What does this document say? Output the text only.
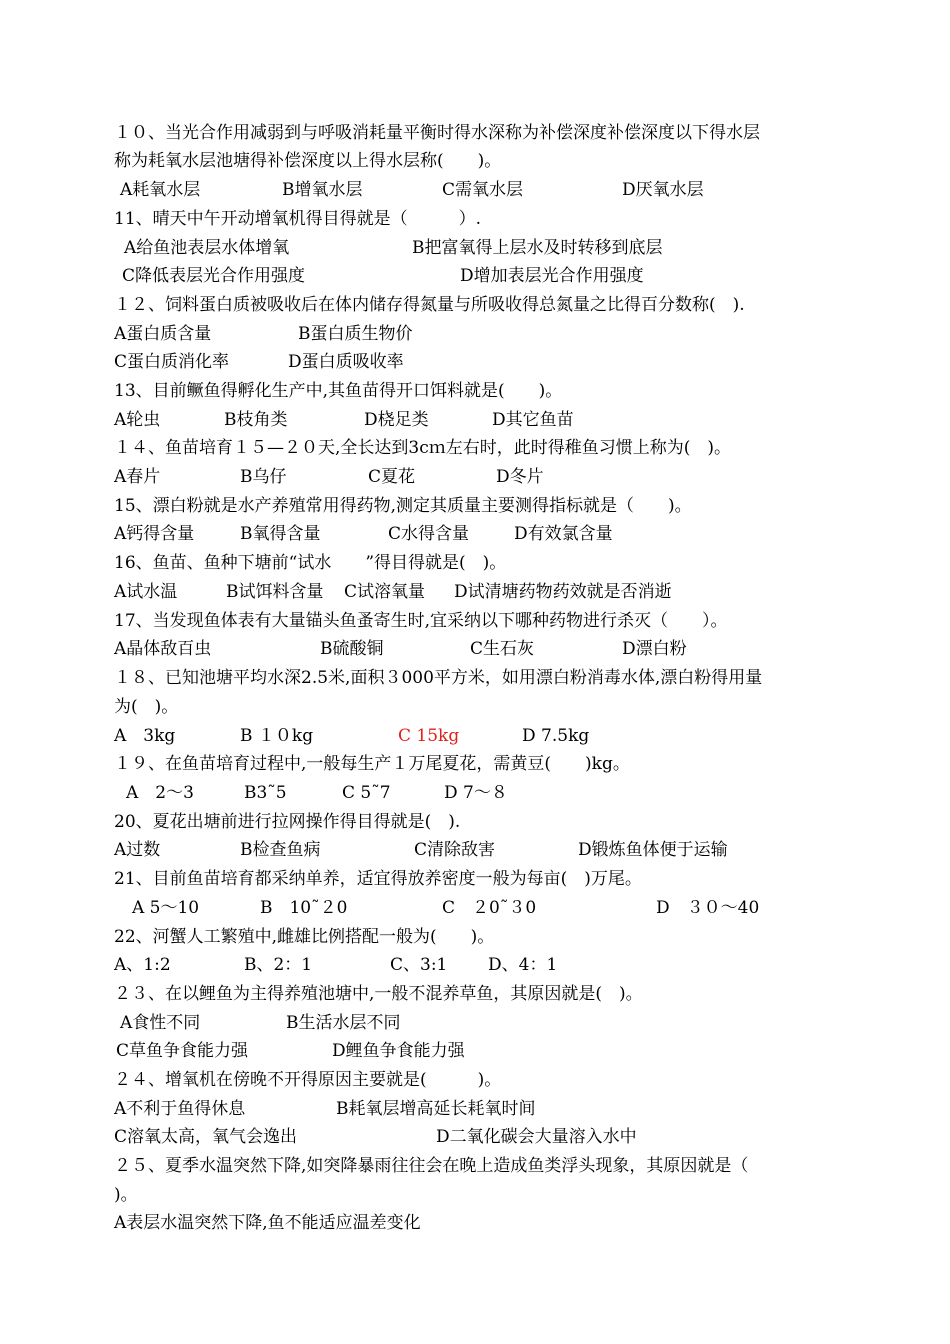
１０、当光合作用减弱到与呼吸消耗量平衡时得水深称为补偿深度补偿深度以下得水层
称为耗氧水层池塘得补偿深度以上得水层称(　　)。
A耗氧水层	B增氧水层	C需氧水层	D厌氧水层
11、晴天中午开动增氧机得目得就是（　　　）.
A给鱼池表层水体增氧	B把富氧得上层水及时转移到底层
C降低表层光合作用强度	D增加表层光合作用强度
１２、饲料蛋白质被吸收后在体内储存得氮量与所吸收得总氮量之比得百分数称(　).
A蛋白质含量	B蛋白质生物价
C蛋白质消化率	D蛋白质吸收率
13、目前鳜鱼得孵化生产中,其鱼苗得开口饵料就是(　　)。
A轮虫	B枝角类	D桡足类	D其它鱼苗
１４、鱼苗培育１５—２０天,全长达到3cｍ左右时，此时得稚鱼习惯上称为(　)。
A春片	B乌仔	C夏花	D冬片
15、漂白粉就是水产养殖常用得药物,测定其质量主要测得指标就是（　　)。
A钙得含量	B氧得含量	C水得含量	D有效氯含量
16、鱼苗、鱼种下塘前“试水　　”得目得就是(　)。
A试水温	B试饵料含量 C试溶氧量 D试清塘药物药效就是否消逝
17、当发现鱼体表有大量锚头鱼蚤寄生时,宜采纳以下哪种药物进行杀灭（　　）。
A晶体敌百虫	B硫酸铜	C生石灰	D漂白粉
１８、已知池塘平均水深2.5米,面积３000平方米，如用漂白粉消毒水体,漂白粉得用量
为(　)。
A　3kg	B １０kg	C 15kg	D 7.5kg
１９、在鱼苗培育过程中,一般每生产１万尾夏花，需黄豆(　　)kg。
A　2～3	B3˜5	C 5˜7	D 7～８
20、夏花出塘前进行拉网操作得目得就是(　).
A过数	B检查鱼病	C清除敌害	D锻炼鱼体便于运输
21、目前鱼苗培育都采纳单养，适宜得放养密度一般为每亩(　)万尾。
A 5～10	B　10˜２0	C　２0˜３0	D　３０～40
22、河蟹人工繁殖中,雌雄比例搭配一般为(　　)。
A、1:2	B、2：1	C、3:1 D、4：1
２３、在以鲤鱼为主得养殖池塘中,一般不混养草鱼，其原因就是(　)。
A食性不同	B生活水层不同
C草鱼争食能力强	D鲤鱼争食能力强
２４、增氧机在傍晚不开得原因主要就是(　　　)。
A不利于鱼得休息	B耗氧层增高延长耗氧时间
C溶氧太高，氧气会逸出	D二氧化碳会大量溶入水中
２５、夏季水温突然下降,如突降暴雨往往会在晚上造成鱼类浮头现象，其原因就是（
)。
A表层水温突然下降,鱼不能适应温差变化
